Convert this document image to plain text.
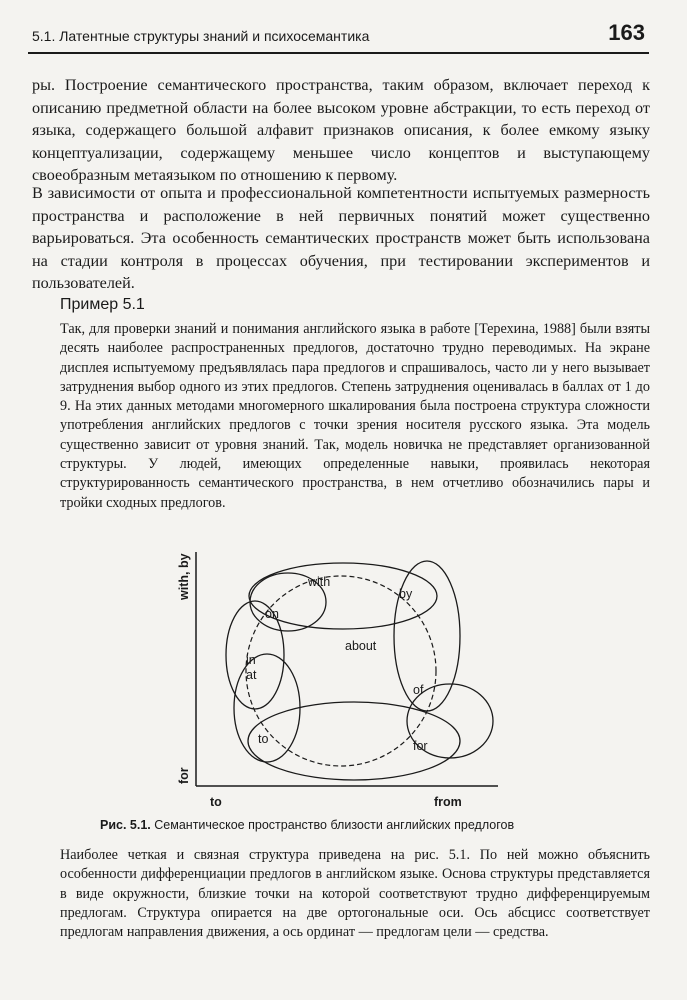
5.1. Латентные структуры знаний и психосемантика	163

ры. Построение семантического пространства, таким образом, включает переход к описанию предметной области на более высоком уровне абстракции, то есть переход от языка, содержащего большой алфавит признаков описания, к более емкому языку концептуализации, содержащему меньшее число концептов и выступающему своеобразным метаязыком по отношению к первому.

В зависимости от опыта и профессиональной компетентности испытуемых размерность пространства и расположение в ней первичных понятий может существенно варьироваться. Эта особенность семантических пространств может быть использована на стадии контроля в процессах обучения, при тестировании экспериментов и пользователей.

Пример 5.1

Так, для проверки знаний и понимания английского языка в работе [Терехина, 1988] были взяты десять наиболее распространенных предлогов, достаточно трудно переводимых. На экране дисплея испытуемому предъявлялась пара предлогов и спрашивалось, часто ли у него вызывает затруднения выбор одного из этих предлогов. Степень затруднения оценивалась в баллах от 1 до 9. На этих данных методами многомерного шкалирования была построена структура сложности употребления английских предлогов с точки зрения носителя русского языка. Эта модель существенно зависит от уровня знаний. Так, модель новичка не представляет организованной структуры. У людей, имеющих определенные навыки, проявилась некоторая структурированность семантического пространства, в нем отчетливо обозначились пары и тройки сходных предлогов.

with, by
for
to	from
with
by
on
about
in
at
of
to	for
Рис. 5.1. Семантическое пространство близости английских предлогов

Наиболее четкая и связная структура приведена на рис. 5.1. По ней можно объяснить особенности дифференциации предлогов в английском языке. Основа структуры представляется в виде окружности, близкие точки на которой соответствуют трудно дифференцируемым предлогам. Структура опирается на две ортогональные оси. Ось абсцисс соответствует предлогам направления движения, а ось ординат — предлогам цели — средства.
